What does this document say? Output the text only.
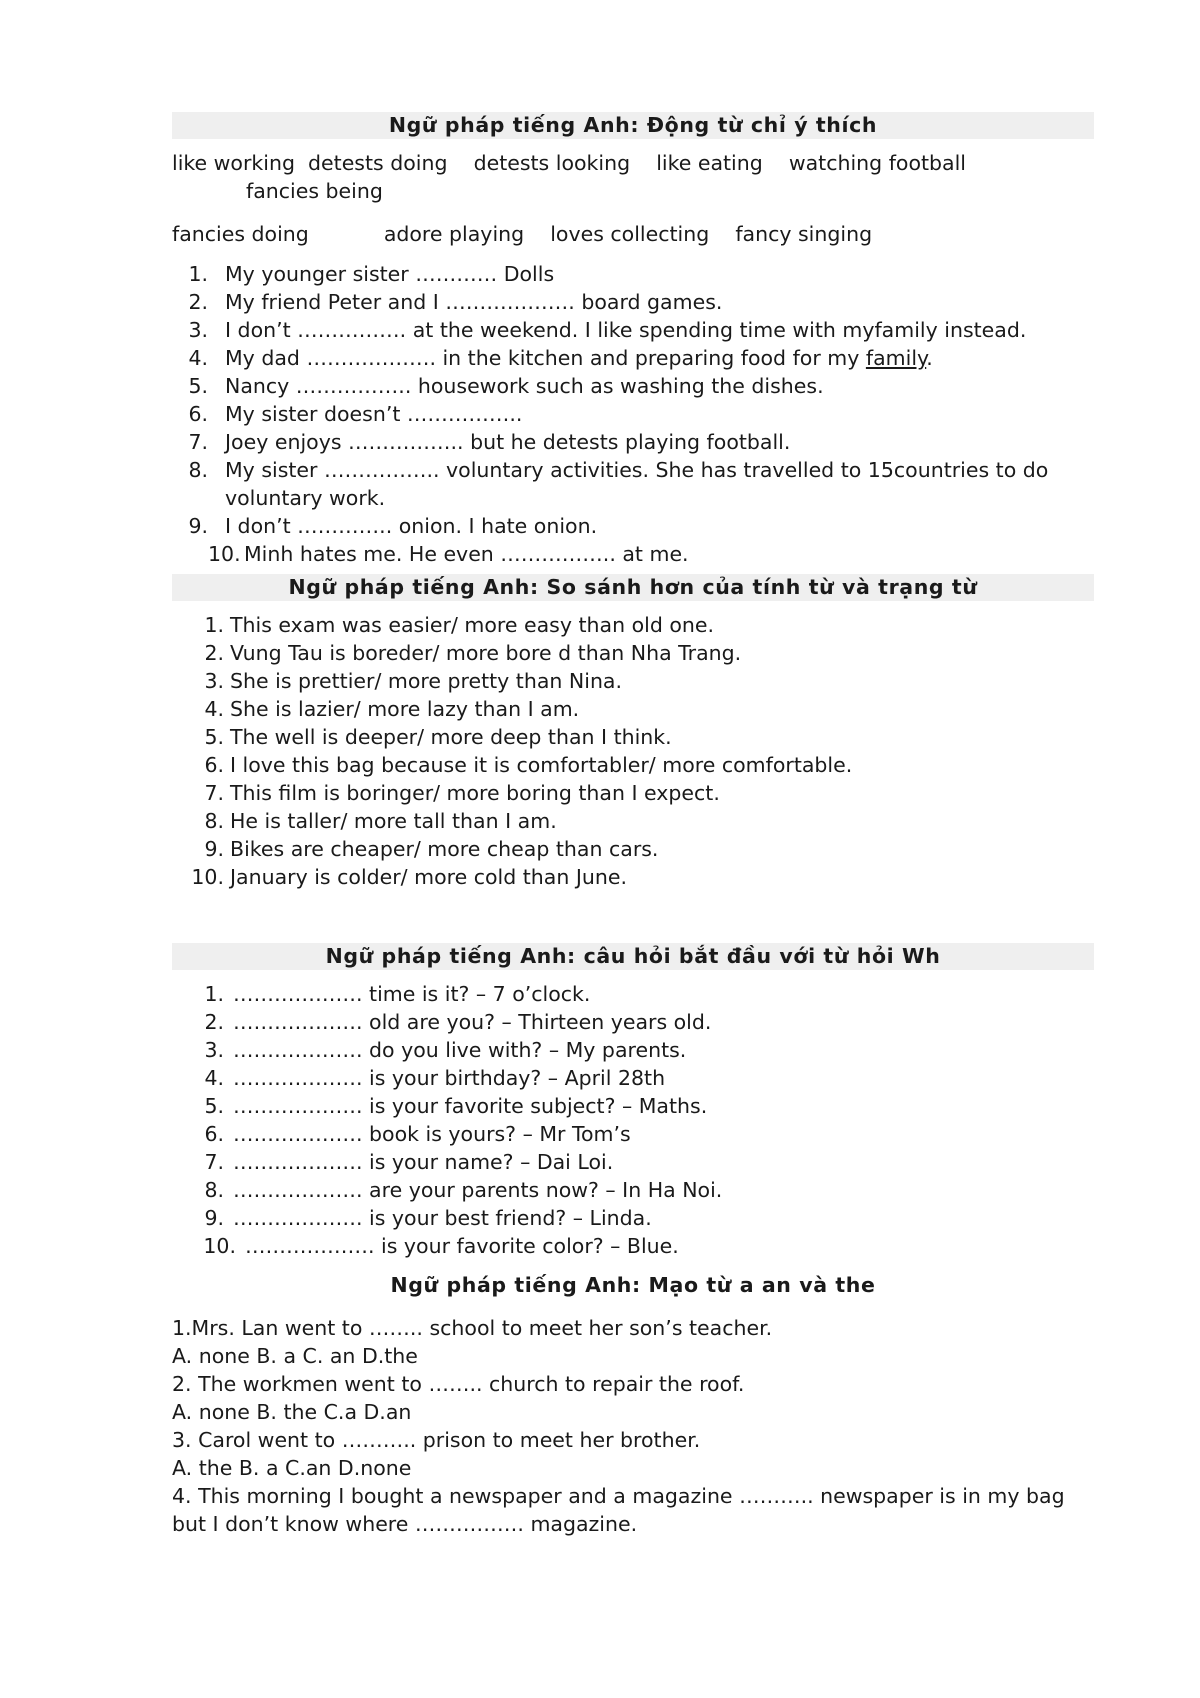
Ngữ pháp tiếng Anh: Động từ chỉ ý thích
like working
detests doing
detests looking
like eating
watching football
fancies being
fancies doing	adore playing
loves collecting
fancy singing
1. My younger sister ………… Dolls
2. My friend Peter and I ………………. board games.
3. I don’t ……………. at the weekend. I like spending time with myfamily instead.
4. My dad ………………. in the kitchen and preparing food for my family.
5. Nancy …………….. housework such as washing the dishes.
6. My sister doesn’t ……………..
7. Joey enjoys …………….. but he detests playing football.
8. My sister …………….. voluntary activities. She has travelled to 15countries to do voluntary work.
9. I don’t ………….. onion. I hate onion.
10. Minh hates me. He even …………….. at me.
Ngữ pháp tiếng Anh: So sánh hơn của tính từ và trạng từ
1. This exam was easier/ more easy than old one.
2. Vung Tau is boreder/ more bore d than Nha Trang.
3. She is prettier/ more pretty than Nina.
4. She is lazier/ more lazy than I am.
5. The well is deeper/ more deep than I think.
6. I love this bag because it is comfortabler/ more comfortable.
7. This film is boringer/ more boring than I expect.
8. He is taller/ more tall than I am.
9. Bikes are cheaper/ more cheap than cars.
10. January is colder/ more cold than June.
Ngữ pháp tiếng Anh: câu hỏi bắt đầu với từ hỏi Wh
1. ………………. time is it? – 7 o’clock.
2. ………………. old are you? – Thirteen years old.
3. ………………. do you live with? – My parents.
4. ………………. is your birthday? – April 28th
5. ………………. is your favorite subject? – Maths.
6. ………………. book is yours? – Mr Tom’s
7. ………………. is your name? – Dai Loi.
8. ………………. are your parents now? – In Ha Noi.
9. ………………. is your best friend? – Linda.
10. ………………. is your favorite color? – Blue.
Ngữ pháp tiếng Anh: Mạo từ a an và the

1.Mrs. Lan went to …….. school to meet her son’s teacher.

A. none B. a C. an D.the

2. The workmen went to …….. church to repair the roof.

A. none B. the C.a D.an

3. Carol went to ……….. prison to meet her brother.

A. the B. a C.an D.none

4. This morning I bought a newspaper and a magazine ……….. newspaper is in my bag but I don’t know where ……………. magazine.
